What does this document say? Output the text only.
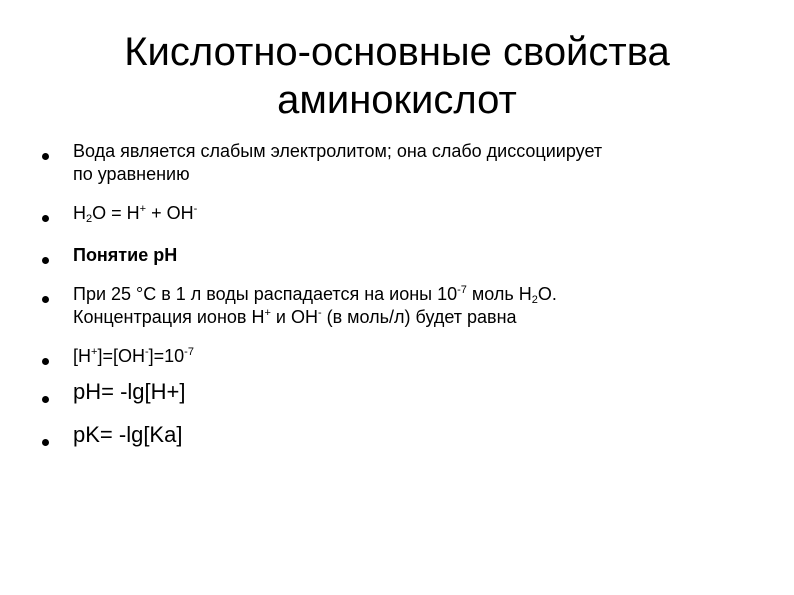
Кислотно-основные свойства
аминокислот
Вода является слабым электролитом; она слабо диссоциирует
по уравнению
$H_2O = H^+ + OH^-$
Понятие pH
При 25 °С в 1 л воды распадается на ионы $10^{-7}$ моль $H_2O$.
Концентрация ионов H+ и OH- (в моль/л) будет равна
$[H^+]=[OH^-]=10^{-7}$
pH= -lg[H+]
pK= -lg[Ka]
